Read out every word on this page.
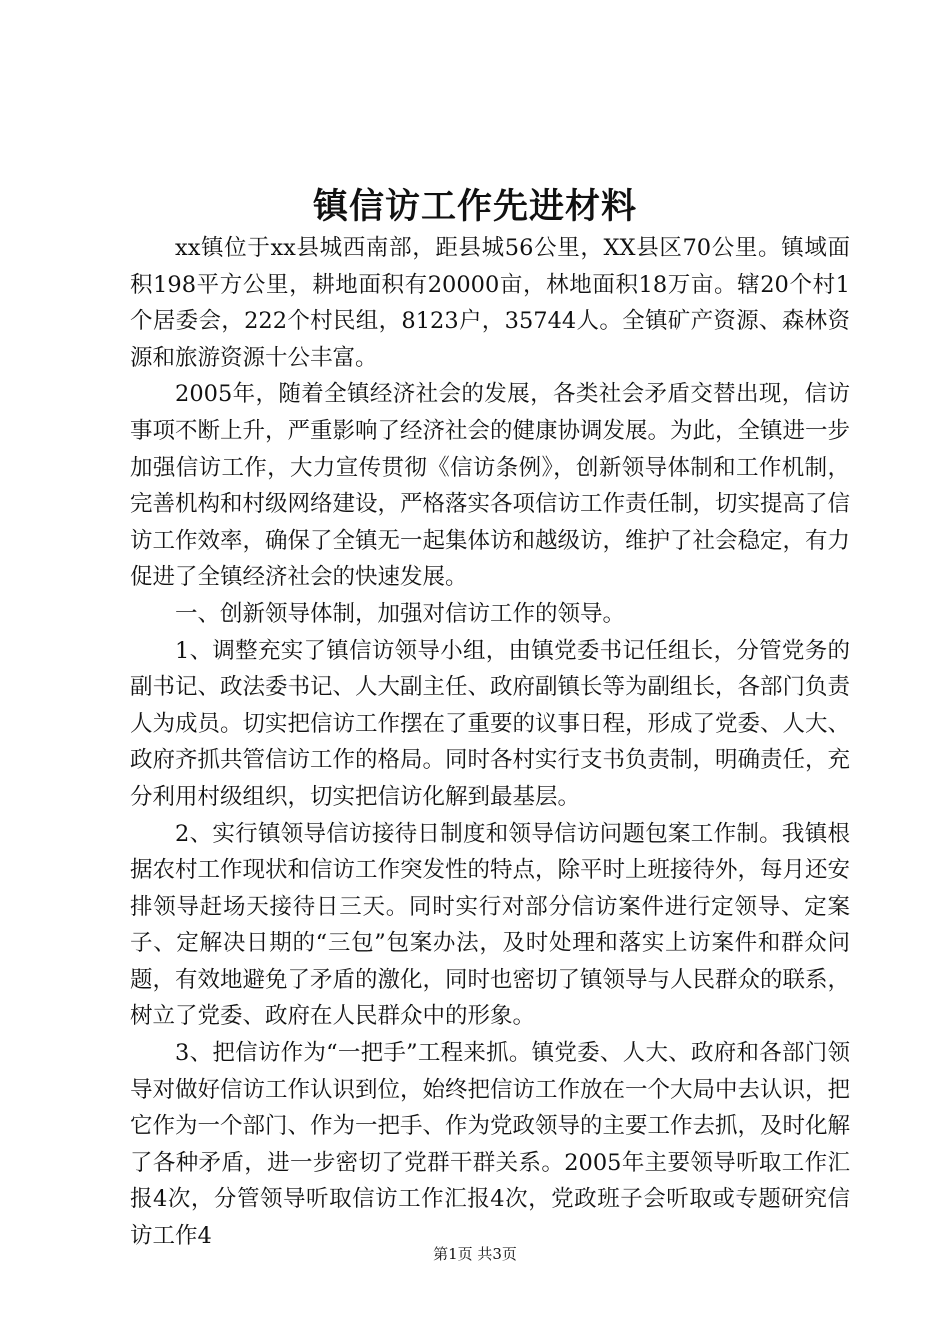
镇信访工作先进材料

xx镇位于xx县城西南部，距县城56公里，XX县区70公里。镇域面积198平方公里，耕地面积有20000亩，林地面积18万亩。辖20个村1个居委会，222个村民组，8123户，35744人。全镇矿产资源、森林资源和旅游资源十公丰富。

2005年，随着全镇经济社会的发展，各类社会矛盾交替出现，信访事项不断上升，严重影响了经济社会的健康协调发展。为此，全镇进一步加强信访工作，大力宣传贯彻《信访条例》，创新领导体制和工作机制，完善机构和村级网络建设，严格落实各项信访工作责任制，切实提高了信访工作效率，确保了全镇无一起集体访和越级访，维护了社会稳定，有力促进了全镇经济社会的快速发展。

一、创新领导体制，加强对信访工作的领导。

1、调整充实了镇信访领导小组，由镇党委书记任组长，分管党务的副书记、政法委书记、人大副主任、政府副镇长等为副组长，各部门负责人为成员。切实把信访工作摆在了重要的议事日程，形成了党委、人大、政府齐抓共管信访工作的格局。同时各村实行支书负责制，明确责任，充分利用村级组织，切实把信访化解到最基层。

2、实行镇领导信访接待日制度和领导信访问题包案工作制。我镇根据农村工作现状和信访工作突发性的特点，除平时上班接待外，每月还安排领导赶场天接待日三天。同时实行对部分信访案件进行定领导、定案子、定解决日期的“三包”包案办法，及时处理和落实上访案件和群众问题，有效地避免了矛盾的激化，同时也密切了镇领导与人民群众的联系，树立了党委、政府在人民群众中的形象。

3、把信访作为“一把手”工程来抓。镇党委、人大、政府和各部门领导对做好信访工作认识到位，始终把信访工作放在一个大局中去认识，把它作为一个部门、作为一把手、作为党政领导的主要工作去抓，及时化解了各种矛盾，进一步密切了党群干群关系。2005年主要领导听取工作汇报4次，分管领导听取信访工作汇报4次，党政班子会听取或专题研究信访工作4

第1页 共3页
